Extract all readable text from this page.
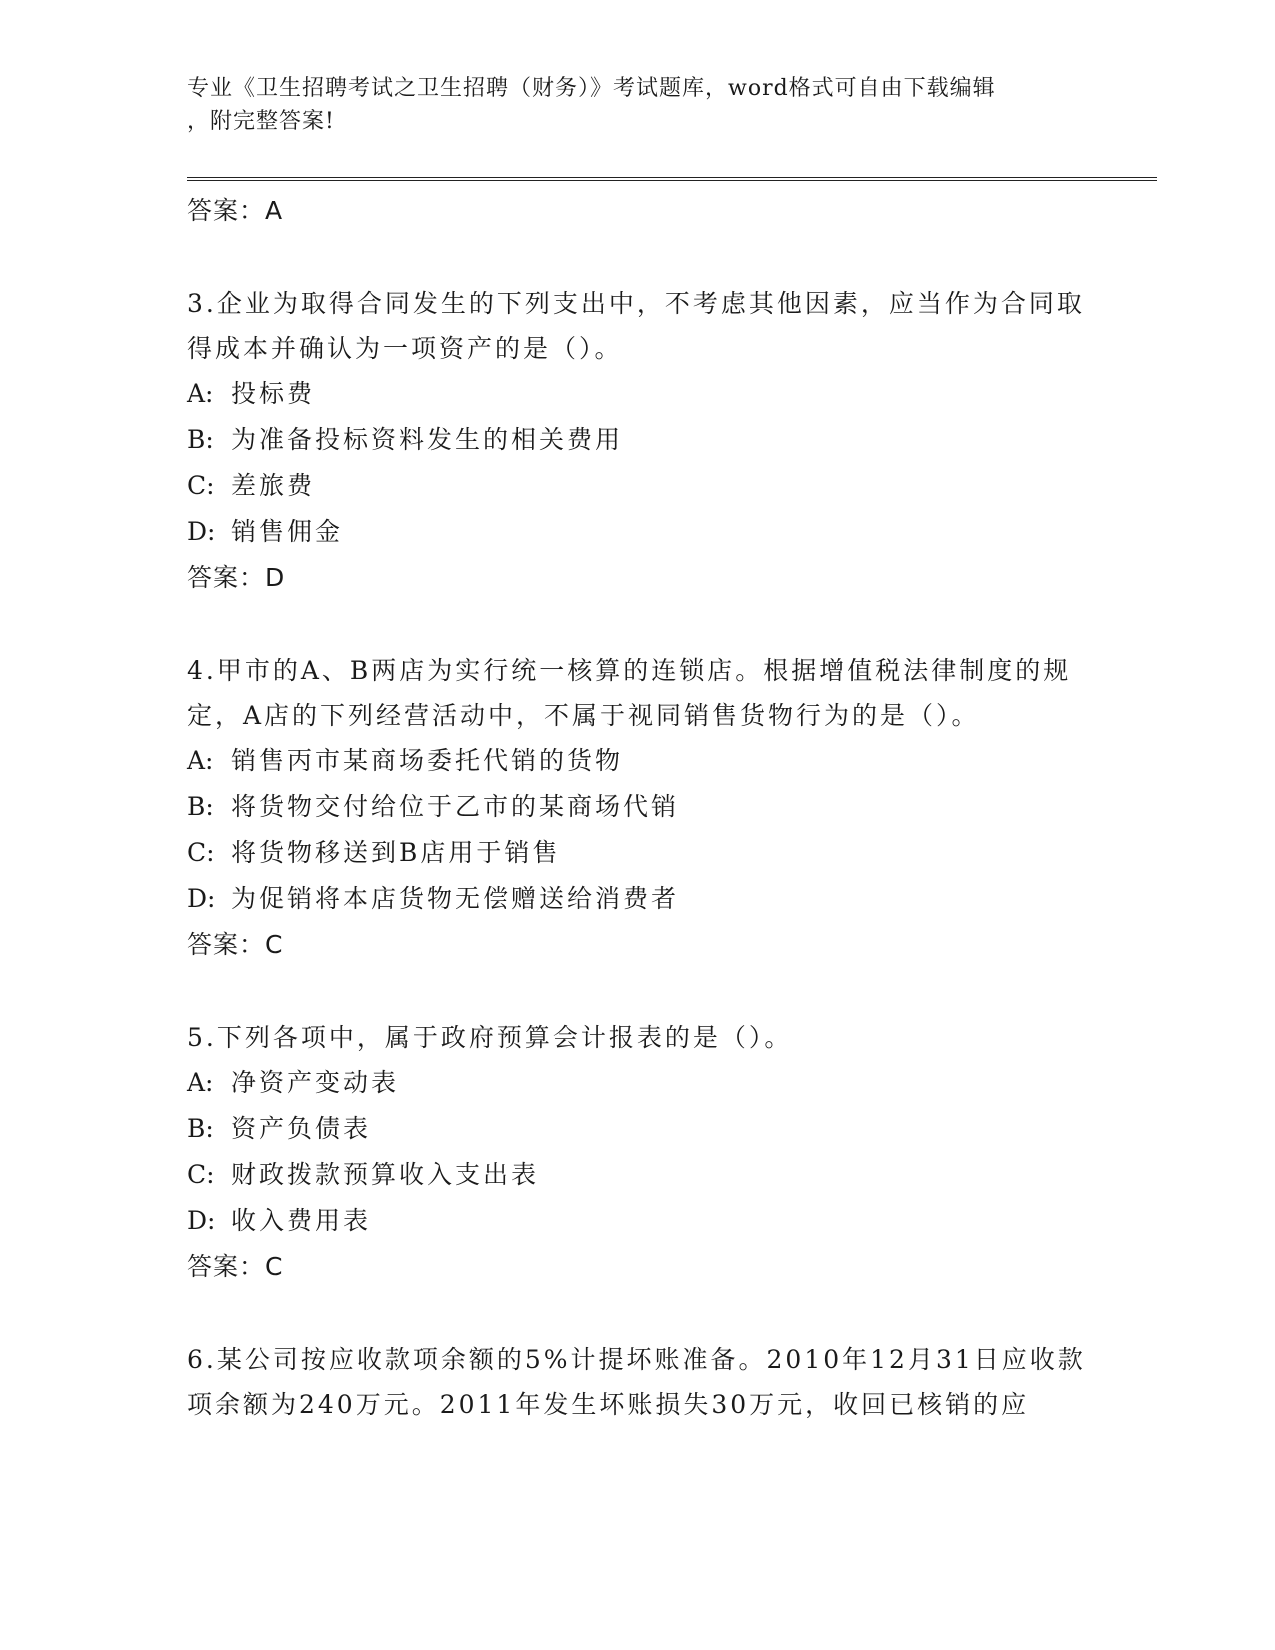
专业《卫生招聘考试之卫生招聘（财务）》考试题库，word格式可自由下载编辑
，附完整答案!
答案：A

3.企业为取得合同发生的下列支出中，不考虑其他因素，应当作为合同取得成本并确认为一项资产的是（）。

A: 投标费
B: 为准备投标资料发生的相关费用
C: 差旅费
D: 销售佣金
答案：D

4.甲市的A、B两店为实行统一核算的连锁店。根据增值税法律制度的规定，A店的下列经营活动中，不属于视同销售货物行为的是（）。

A: 销售丙市某商场委托代销的货物
B: 将货物交付给位于乙市的某商场代销
C: 将货物移送到B店用于销售
D: 为促销将本店货物无偿赠送给消费者
答案：C

5.下列各项中，属于政府预算会计报表的是（）。

A: 净资产变动表
B: 资产负债表
C: 财政拨款预算收入支出表
D: 收入费用表
答案：C

6.某公司按应收款项余额的5%计提坏账准备。2010年12月31日应收款项余额为240万元。2011年发生坏账损失30万元，收回已核销的应
